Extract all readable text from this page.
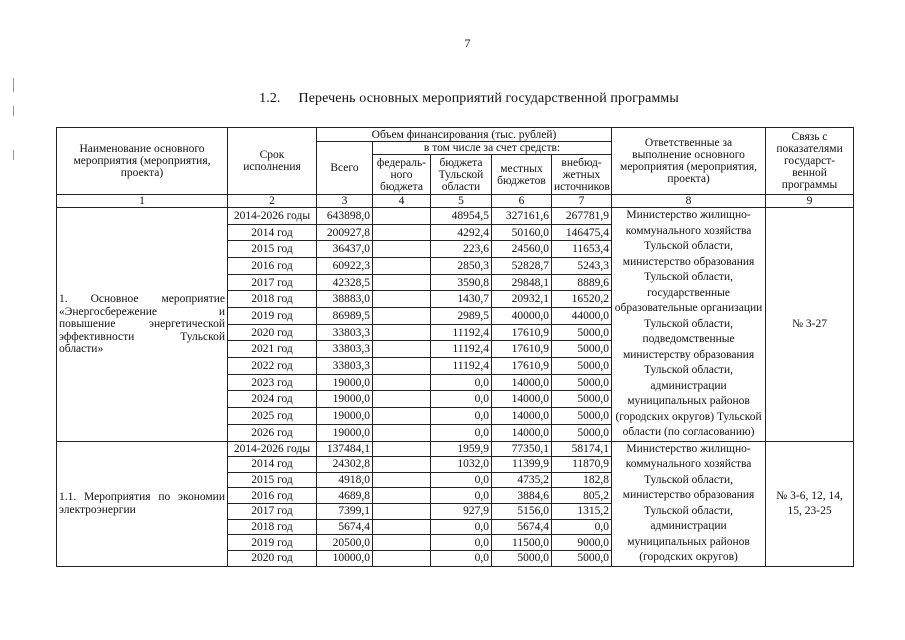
7
1.2. Перечень основных мероприятий государственной программы
Наименование основного мероприятия (мероприятия, проекта)	Срок исполнения	Объем финансирования (тыс. рублей)					Ответственные за выполнение основного мероприятия (мероприятия, проекта)	Связь с показателями государст-венной программы
		Всего	в том числе за счет средств:					
			федераль-ного бюджета	бюджета Тульской области	местных бюджетов	внебюд-жетных источников		
1	2	3	4	5	6	7	8	9
1. Основное мероприятие «Энергосбережение и повышение энергетической эффективности Тульской области»	2014-2026 годы	643898,0		48954,5	327161,6	267781,9	Министерство жилищно-коммунального хозяйства Тульской области, министерство образования Тульской области, государственные образовательные организации Тульской области, подведомственные министерству образования Тульской области, администрации муниципальных районов (городских округов) Тульской области (по согласованию)	№ 3-27
	2014 год	200927,8		4292,4	50160,0	146475,4		
	2015 год	36437,0		223,6	24560,0	11653,4		
	2016 год	60922,3		2850,3	52828,7	5243,3		
	2017 год	42328,5		3590,8	29848,1	8889,6		
	2018 год	38883,0		1430,7	20932,1	16520,2		
	2019 год	86989,5		2989,5	40000,0	44000,0		
	2020 год	33803,3		11192,4	17610,9	5000,0		
	2021 год	33803,3		11192,4	17610,9	5000,0		
	2022 год	33803,3		11192,4	17610,9	5000,0		
	2023 год	19000,0		0,0	14000,0	5000,0		
	2024 год	19000,0		0,0	14000,0	5000,0		
	2025 год	19000,0		0,0	14000,0	5000,0		
	2026 год	19000,0		0,0	14000,0	5000,0		
1.1. Мероприятия по экономии электроэнергии	2014-2026 годы	137484,1		1959,9	77350,1	58174,1	Министерство жилищно-коммунального хозяйства Тульской области, министерство образования Тульской области, администрации муниципальных районов (городских округов)	№ 3-6, 12, 14, 15, 23-25
	2014 год	24302,8		1032,0	11399,9	11870,9		
	2015 год	4918,0		0,0	4735,2	182,8		
	2016 год	4689,8		0,0	3884,6	805,2		
	2017 год	7399,1		927,9	5156,0	1315,2		
	2018 год	5674,4		0,0	5674,4	0,0		
	2019 год	20500,0		0,0	11500,0	9000,0		
	2020 год	10000,0		0,0	5000,0	5000,0		
